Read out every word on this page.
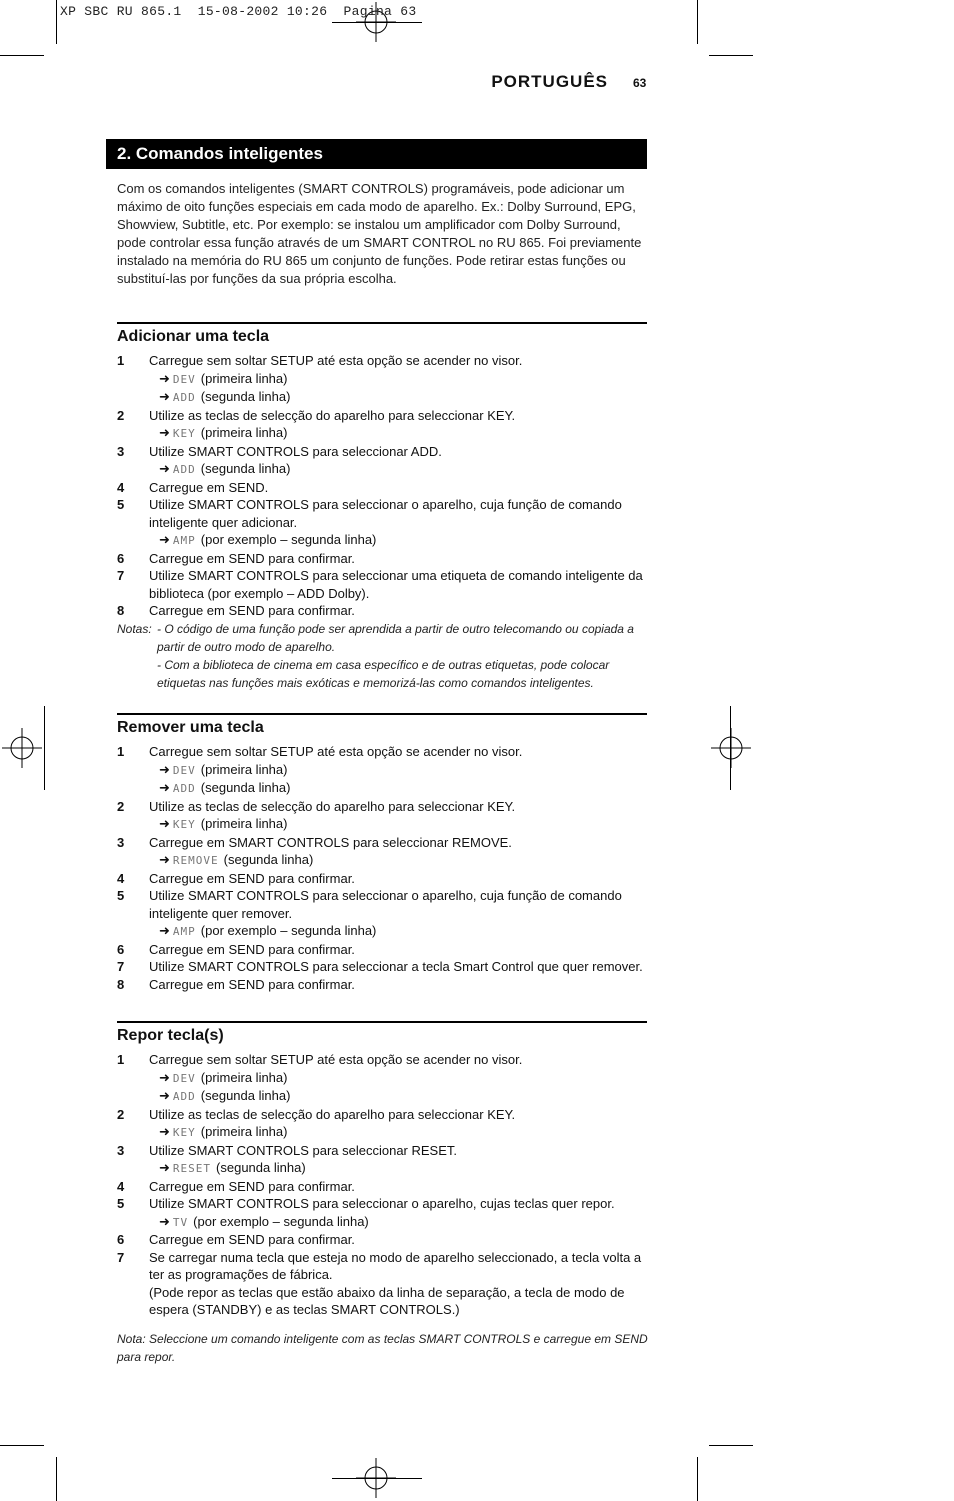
XP SBC RU 865.1  15-08-2002 10:26  Pagina 63
PORTUGUÊS 63
2. Comandos inteligentes
Com os comandos inteligentes (SMART CONTROLS) programáveis, pode adicionar um máximo de oito funções especiais em cada modo de aparelho. Ex.: Dolby Surround, EPG, Showview, Subtitle, etc. Por exemplo: se instalou um amplificador com Dolby Surround, pode controlar essa função através de um SMART CONTROL no RU 865. Foi previamente instalado na memória do RU 865 um conjunto de funções. Pode retirar estas funções ou substituí-las por funções da sua própria escolha.
Adicionar uma tecla
1	Carregue sem soltar SETUP até esta opção se acender no visor.
➜ DEV (primeira linha)
➜ ADD (segunda linha)
2	Utilize as teclas de selecção do aparelho para seleccionar KEY.
➜ KEY (primeira linha)
3	Utilize SMART CONTROLS para seleccionar ADD.
➜ ADD (segunda linha)
4	Carregue em SEND.
5	Utilize SMART CONTROLS para seleccionar o aparelho, cuja função de comando inteligente quer adicionar.
➜ AMP (por exemplo – segunda linha)
6	Carregue em SEND para confirmar.
7	Utilize SMART CONTROLS para seleccionar uma etiqueta de comando inteligente da biblioteca (por exemplo – ADD Dolby).
8	Carregue em SEND para confirmar.
Notas: - O código de uma função pode ser aprendida a partir de outro telecomando ou copiada a partir de outro modo de aparelho.
- Com a biblioteca de cinema em casa específico e de outras etiquetas, pode colocar etiquetas nas funções mais exóticas e memorizá-las como comandos inteligentes.
Remover uma tecla
1	Carregue sem soltar SETUP até esta opção se acender no visor.
➜ DEV (primeira linha)
➜ ADD (segunda linha)
2	Utilize as teclas de selecção do aparelho para seleccionar KEY.
➜ KEY (primeira linha)
3	Carregue em SMART CONTROLS para seleccionar REMOVE.
➜ REMOVE (segunda linha)
4	Carregue em SEND para confirmar.
5	Utilize SMART CONTROLS para seleccionar o aparelho, cuja função de comando inteligente quer remover.
➜ AMP (por exemplo – segunda linha)
6	Carregue em SEND para confirmar.
7	Utilize SMART CONTROLS para seleccionar a tecla Smart Control que quer remover.
8	Carregue em SEND para confirmar.
Repor tecla(s)
1	Carregue sem soltar SETUP até esta opção se acender no visor.
➜ DEV (primeira linha)
➜ ADD (segunda linha)
2	Utilize as teclas de selecção do aparelho para seleccionar KEY.
➜ KEY (primeira linha)
3	Utilize SMART CONTROLS para seleccionar RESET.
➜ RESET (segunda linha)
4	Carregue em SEND para confirmar.
5	Utilize SMART CONTROLS para seleccionar o aparelho, cujas teclas quer repor.
➜ TV (por exemplo – segunda linha)
6	Carregue em SEND para confirmar.
7	Se carregar numa tecla que esteja no modo de aparelho seleccionado, a tecla volta a ter as programações de fábrica.
(Pode repor as teclas que estão abaixo da linha de separação, a tecla de modo de espera (STANDBY) e as teclas SMART CONTROLS.)
Nota: Seleccione um comando inteligente com as teclas SMART CONTROLS e carregue em SEND para repor.
